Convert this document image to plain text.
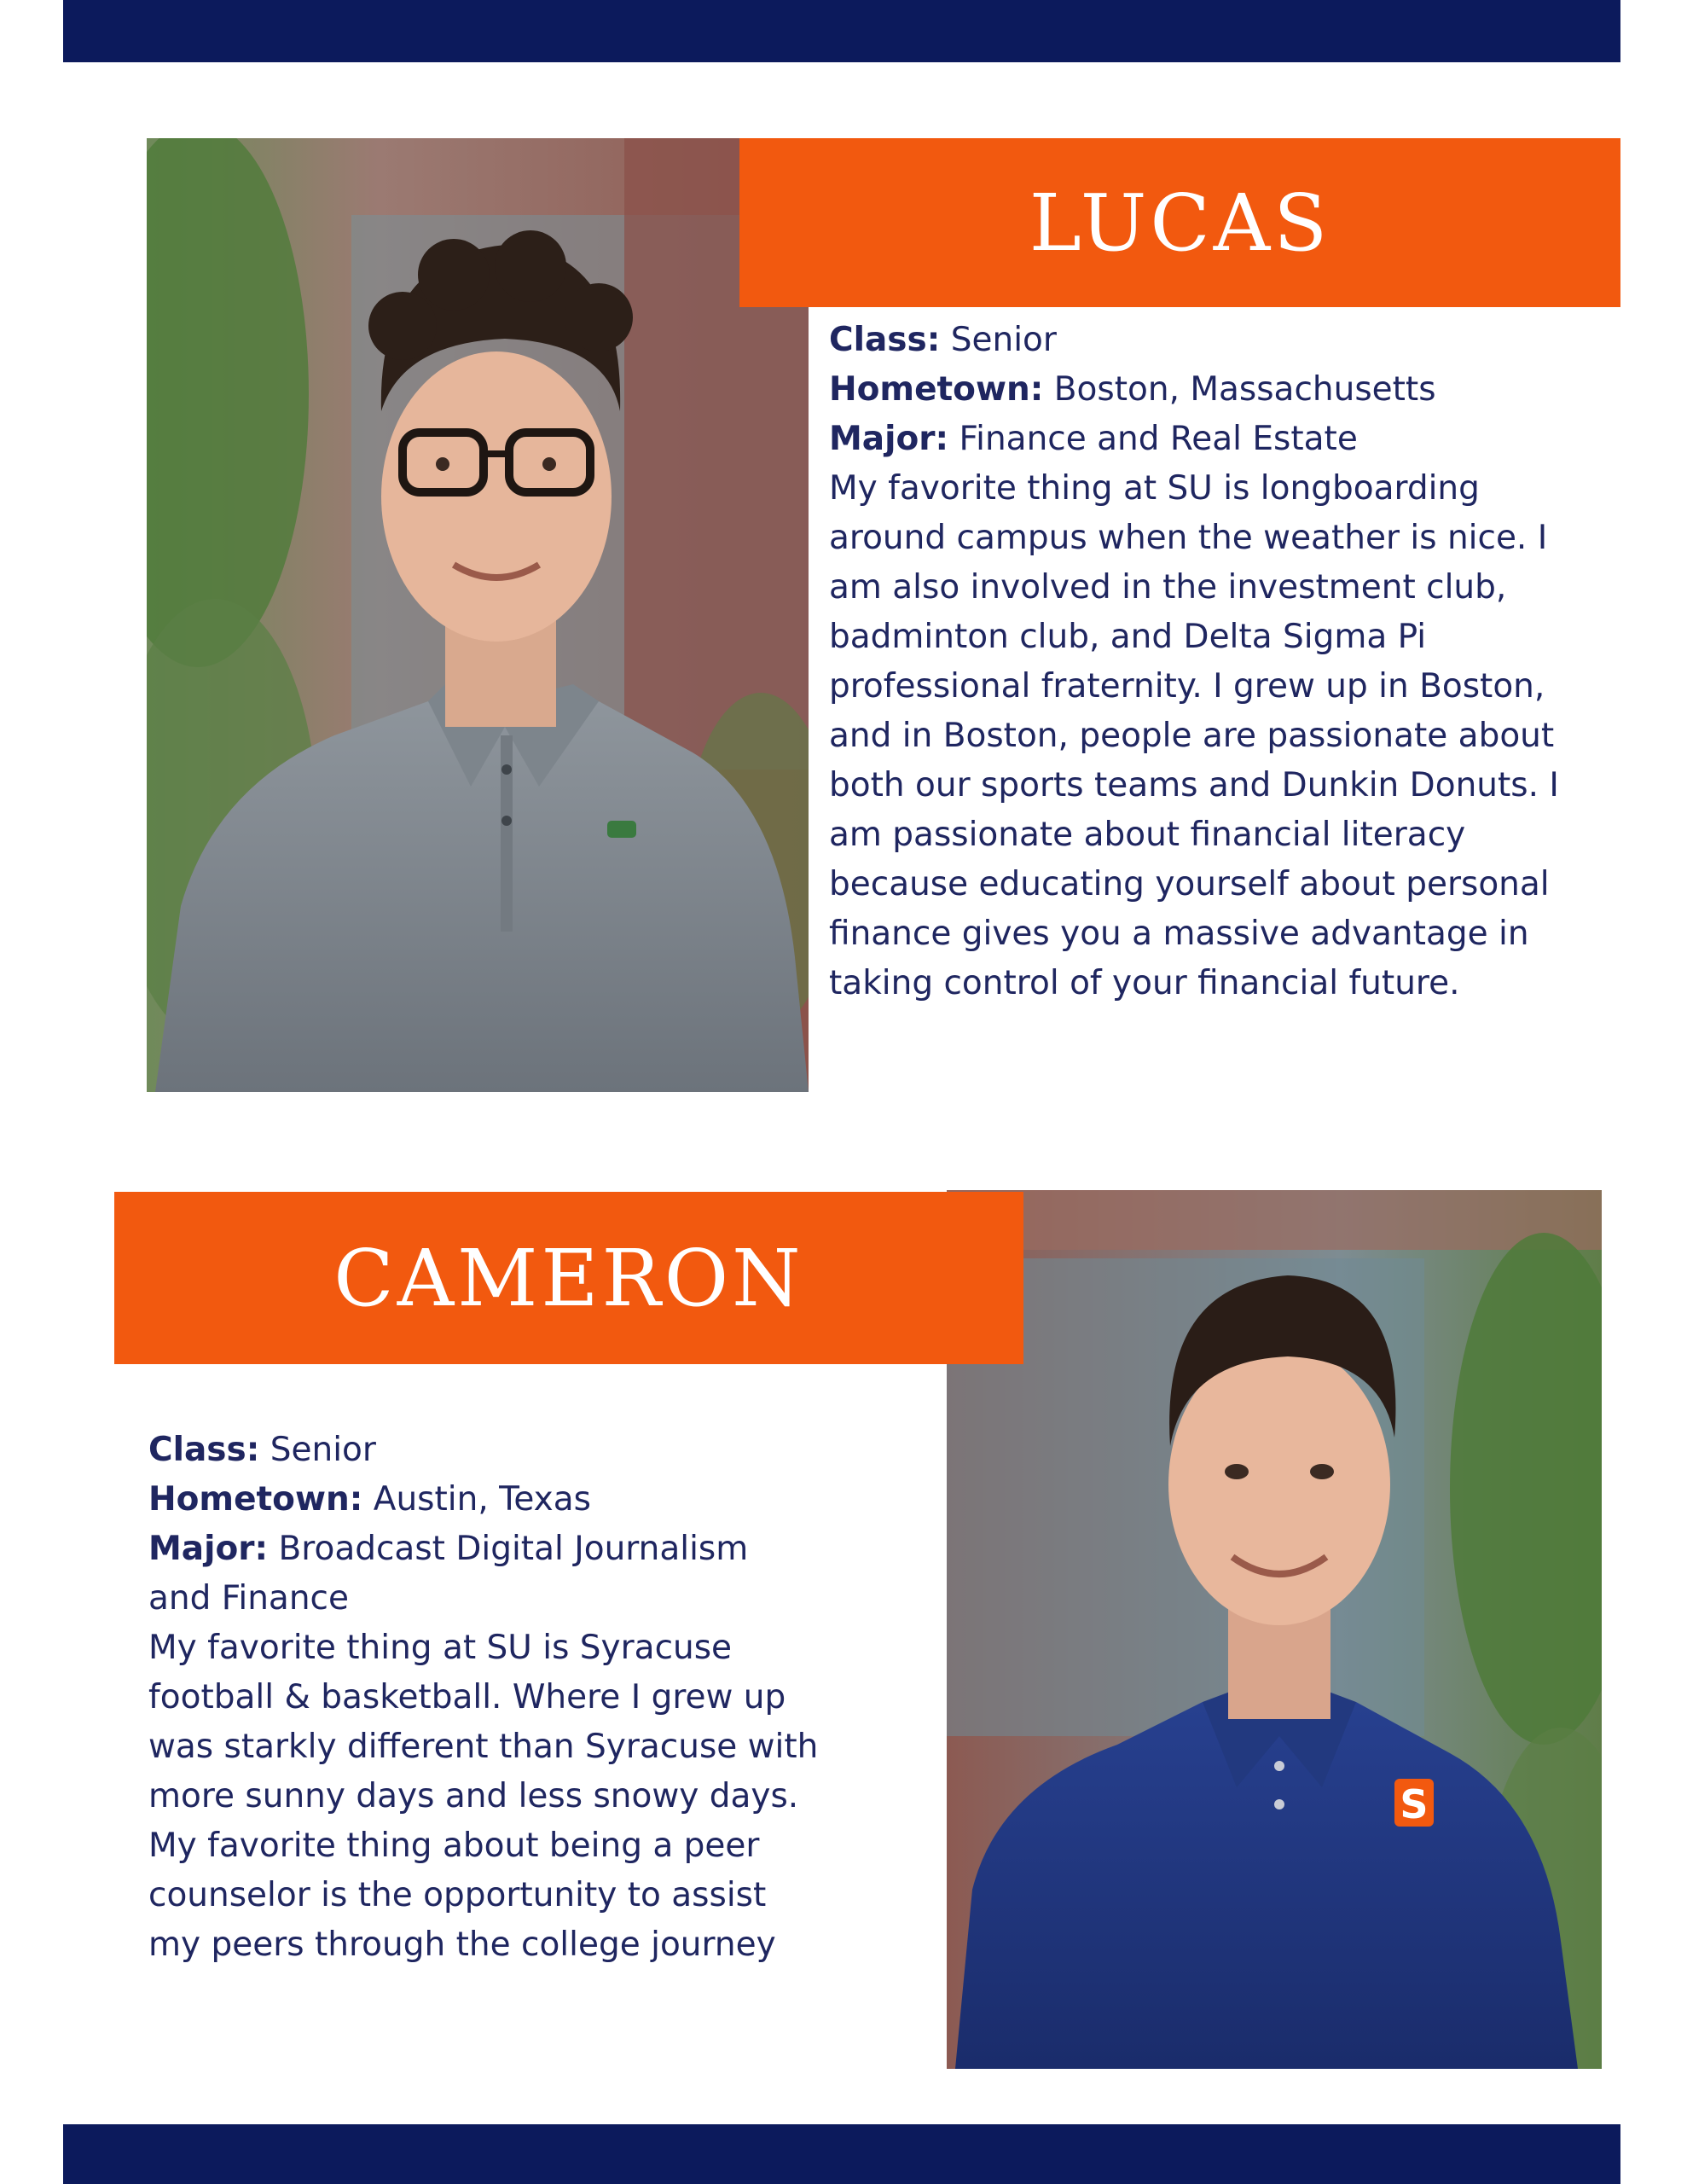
LUCAS
Class: Senior
Hometown: Boston, Massachusetts
Major: Finance and Real Estate

My favorite thing at SU is longboarding
around campus when the weather is nice. I
am also involved in the investment club,
badminton club, and Delta Sigma Pi
professional fraternity. I grew up in Boston,
and in Boston, people are passionate about
both our sports teams and Dunkin Donuts. I
am passionate about financial literacy
because educating yourself about personal
finance gives you a massive advantage in
taking control of your financial future.

S
CAMERON
Class: Senior
Hometown: Austin, Texas
Major: Broadcast Digital Journalism
and Finance

My favorite thing at SU is Syracuse
football & basketball. Where I grew up
was starkly different than Syracuse with
more sunny days and less snowy days.
My favorite thing about being a peer
counselor is the opportunity to assist
my peers through the college journey
